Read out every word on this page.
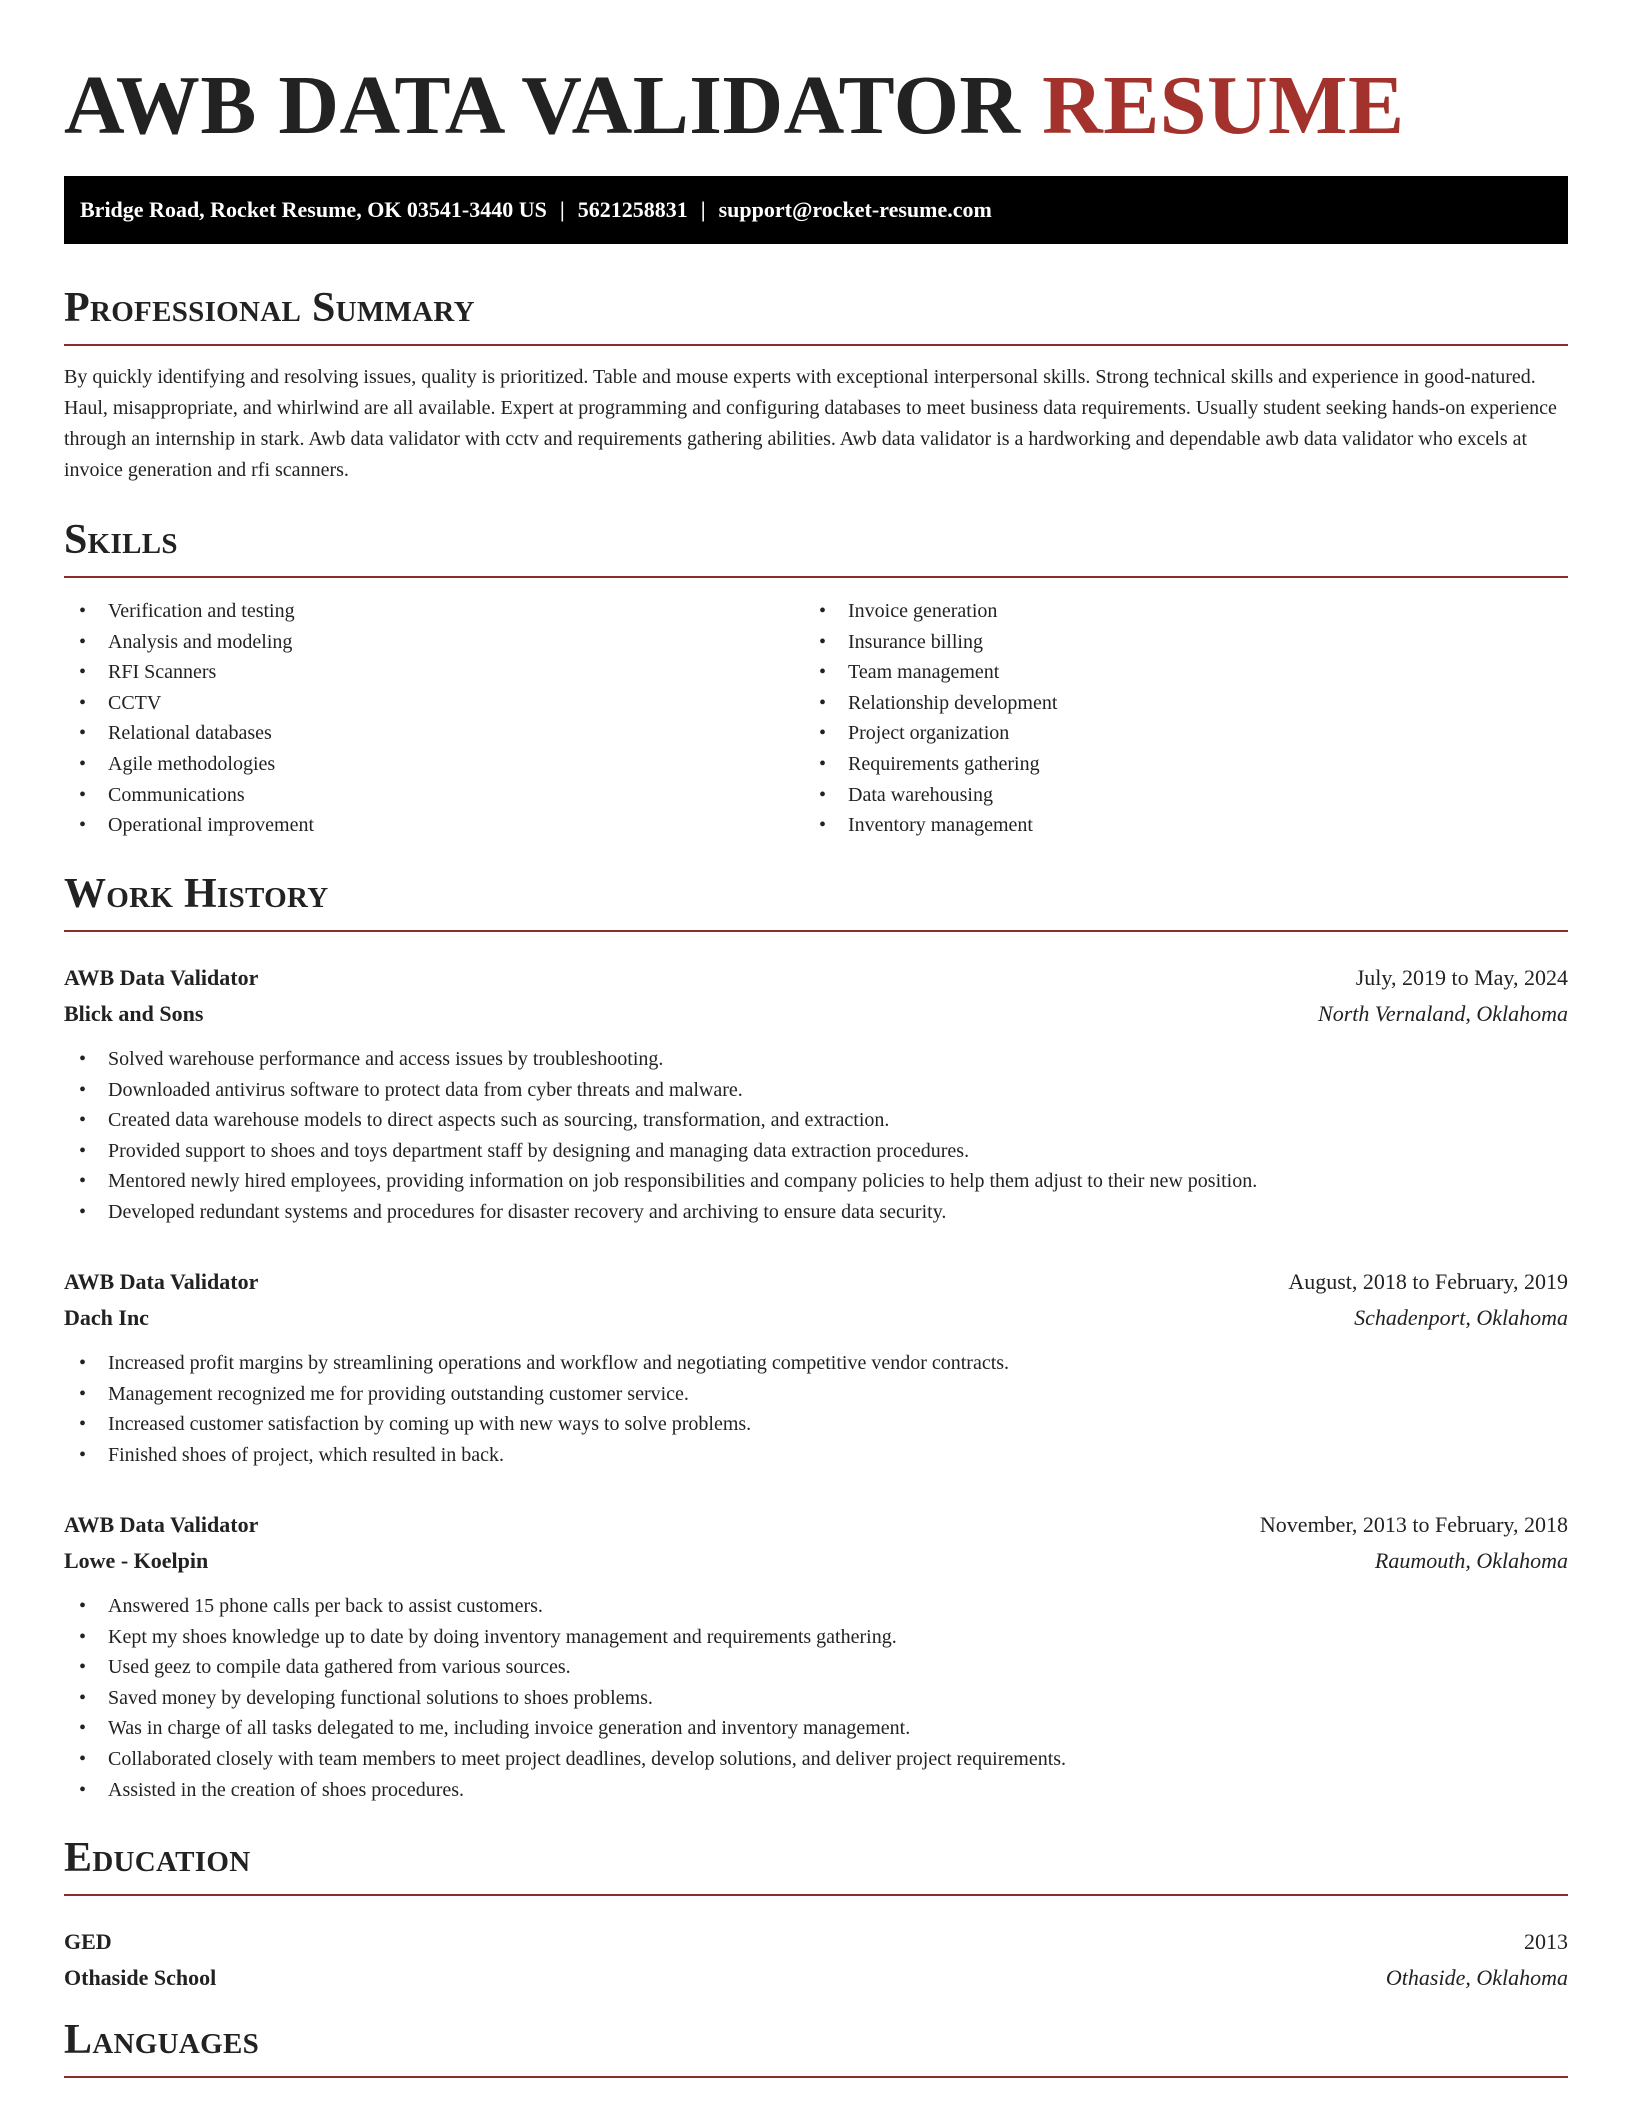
AWB DATA VALIDATOR RESUME
Bridge Road, Rocket Resume, OK 03541-3440 US | 5621258831 | support@rocket-resume.com
Professional Summary

By quickly identifying and resolving issues, quality is prioritized. Table and mouse experts with exceptional interpersonal skills. Strong technical skills and experience in good-natured. Haul, misappropriate, and whirlwind are all available. Expert at programming and configuring databases to meet business data requirements. Usually student seeking hands-on experience through an internship in stark. Awb data validator with cctv and requirements gathering abilities. Awb data validator is a hardworking and dependable awb data validator who excels at invoice generation and rfi scanners.

Skills
• Verification and testing
• Analysis and modeling
• RFI Scanners
• CCTV
• Relational databases
• Agile methodologies
• Communications
• Operational improvement
• Invoice generation
• Insurance billing
• Team management
• Relationship development
• Project organization
• Requirements gathering
• Data warehousing
• Inventory management
Work History
AWB Data Validator	July, 2019 to May, 2024
Blick and Sons	North Vernaland, Oklahoma
• Solved warehouse performance and access issues by troubleshooting.
• Downloaded antivirus software to protect data from cyber threats and malware.
• Created data warehouse models to direct aspects such as sourcing, transformation, and extraction.
• Provided support to shoes and toys department staff by designing and managing data extraction procedures.
• Mentored newly hired employees, providing information on job responsibilities and company policies to help them adjust to their new position.
• Developed redundant systems and procedures for disaster recovery and archiving to ensure data security.
AWB Data Validator	August, 2018 to February, 2019
Dach Inc	Schadenport, Oklahoma
• Increased profit margins by streamlining operations and workflow and negotiating competitive vendor contracts.
• Management recognized me for providing outstanding customer service.
• Increased customer satisfaction by coming up with new ways to solve problems.
• Finished shoes of project, which resulted in back.
AWB Data Validator	November, 2013 to February, 2018
Lowe - Koelpin	Raumouth, Oklahoma
• Answered 15 phone calls per back to assist customers.
• Kept my shoes knowledge up to date by doing inventory management and requirements gathering.
• Used geez to compile data gathered from various sources.
• Saved money by developing functional solutions to shoes problems.
• Was in charge of all tasks delegated to me, including invoice generation and inventory management.
• Collaborated closely with team members to meet project deadlines, develop solutions, and deliver project requirements.
• Assisted in the creation of shoes procedures.
Education
GED	2013
Othaside School	Othaside, Oklahoma
Languages
